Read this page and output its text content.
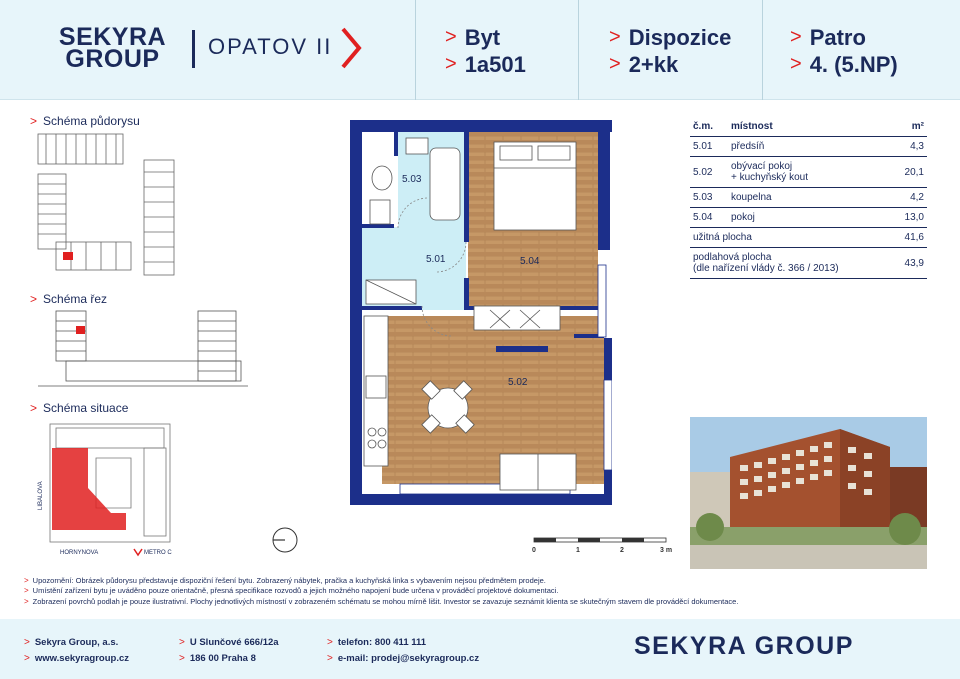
SEKYRA
GROUP	OPATOV II	> Byt
> 1a501
> Dispozice
> 2+kk
> Patro
> 4. (5.NP)
> Schéma půdorysu
> Schéma řez
> Schéma situace
LIBALOVA
HORNYNOVA	METRO C
5.03
5.01	5.04
5.02
0	1	2	3 m
č.m.	místnost	m²
5.01	předsíň	4,3
5.02	obývací pokoj
+ kuchyňský kout	20,1
5.03	koupelna	4,2
5.04	pokoj	13,0
užitná plocha		41,6
podlahová plocha
(dle nařízení vlády č. 366 / 2013)		43,9
> Upozornění: Obrázek půdorysu představuje dispoziční řešení bytu. Zobrazený nábytek, pračka a kuchyňská linka s vybavením nejsou předmětem prodeje.
> Umístění zařízení bytu je uváděno pouze orientačně, přesná specifikace rozvodů a jejich možného napojení bude určena v prováděcí projektové dokumentaci.
> Zobrazení povrchů podlah je pouze ilustrativní. Plochy jednotlivých místností v zobrazeném schématu se mohou mírně lišit. Investor se zavazuje seznámit klienta se skutečným stavem dle prováděcí dokumentace.
> Sekyra Group, a.s.
> www.sekyragroup.cz
> U Slunčové 666/12a
> 186 00 Praha 8
> telefon: 800 411 111
> e-mail: prodej@sekyragroup.cz	SEKYRA GROUP
